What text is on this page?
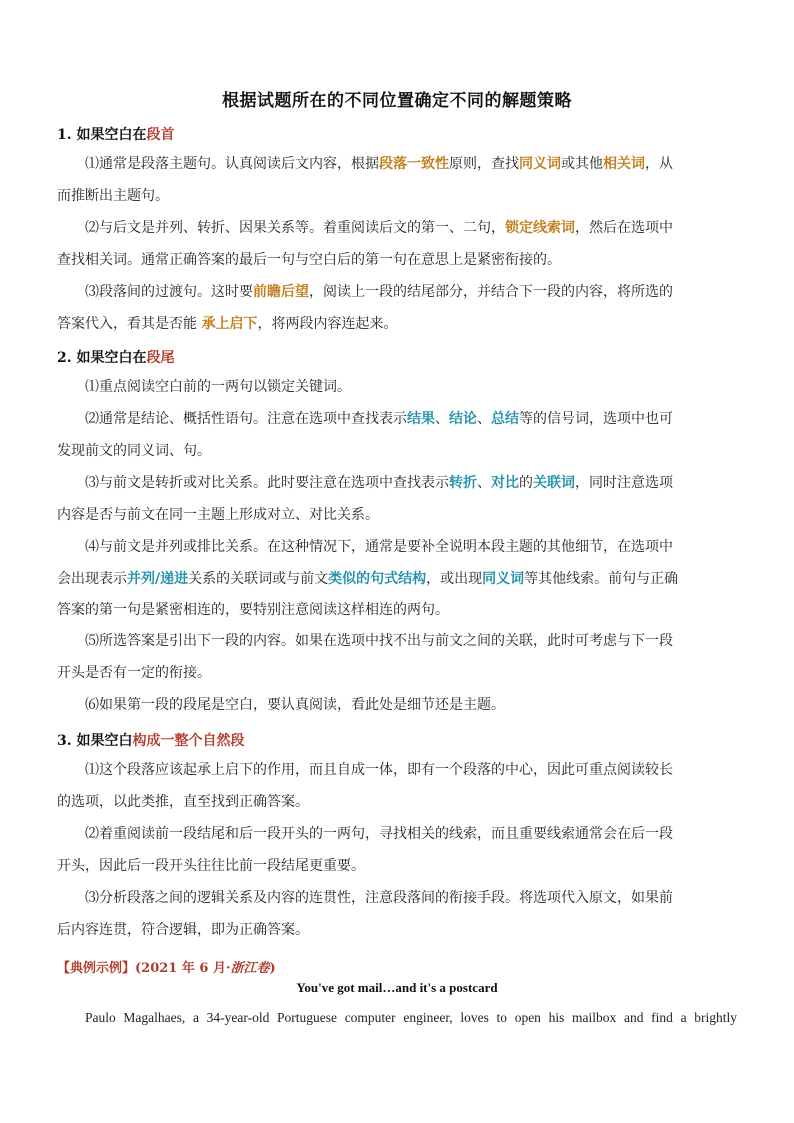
根据试题所在的不同位置确定不同的解题策略
1. 如果空白在段首
⑴通常是段落主题句。认真阅读后文内容，根据段落一致性原则，查找同义词或其他相关词，从
而推断出主题句。
⑵与后文是并列、转折、因果关系等。着重阅读后文的第一、二句，锁定线索词，然后在选项中
查找相关词。通常正确答案的最后一句与空白后的第一句在意思上是紧密衔接的。
⑶段落间的过渡句。这时要前瞻后望，阅读上一段的结尾部分，并结合下一段的内容，将所选的
答案代入，看其是否能 承上启下，将两段内容连起来。
2. 如果空白在段尾
⑴重点阅读空白前的一两句以锁定关键词。
⑵通常是结论、概括性语句。注意在选项中查找表示结果、结论、总结等的信号词，选项中也可
发现前文的同义词、句。
⑶与前文是转折或对比关系。此时要注意在选项中查找表示转折、对比的关联词，同时注意选项
内容是否与前文在同一主题上形成对立、对比关系。
⑷与前文是并列或排比关系。在这种情况下，通常是要补全说明本段主题的其他细节，在选项中
会出现表示并列/递进关系的关联词或与前文类似的句式结构，或出现同义词等其他线索。前句与正确
答案的第一句是紧密相连的，要特别注意阅读这样相连的两句。
⑸所选答案是引出下一段的内容。如果在选项中找不出与前文之间的关联，此时可考虑与下一段
开头是否有一定的衔接。
⑹如果第一段的段尾是空白，要认真阅读，看此处是细节还是主题。
3. 如果空白构成一整个自然段
⑴这个段落应该起承上启下的作用，而且自成一体，即有一个段落的中心，因此可重点阅读较长
的选项，以此类推，直至找到正确答案。
⑵着重阅读前一段结尾和后一段开头的一两句，寻找相关的线索，而且重要线索通常会在后一段
开头，因此后一段开头往往比前一段结尾更重要。
⑶分析段落之间的逻辑关系及内容的连贯性，注意段落间的衔接手段。将选项代入原文，如果前
后内容连贯，符合逻辑，即为正确答案。
【典例示例】(2021 年 6 月·浙江卷)
You've got mail…and it's a postcard
Paulo Magalhaes, a 34-year-old Portuguese computer engineer, loves to open his mailbox and find a brightly
